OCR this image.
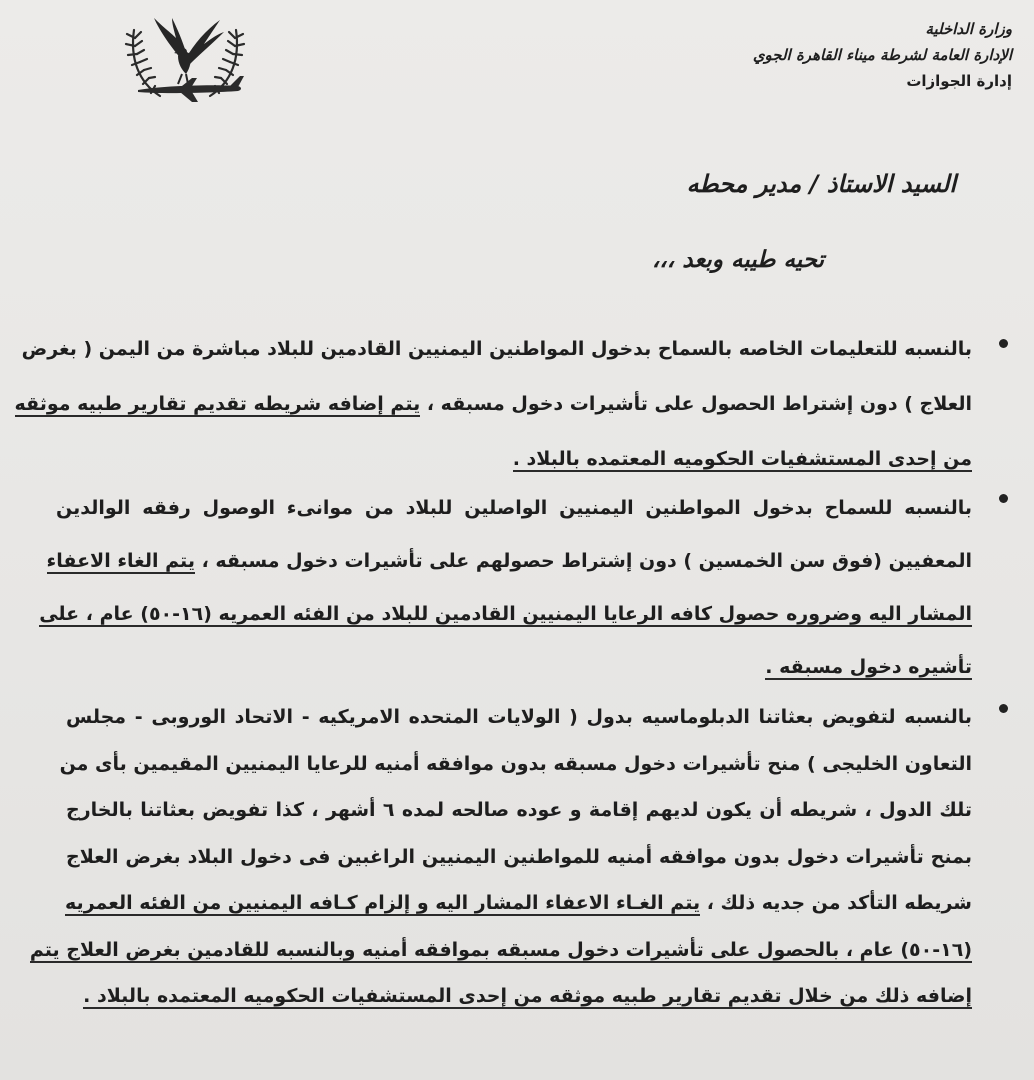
وزارة الداخلية
الإدارة العامة لشرطة ميناء القاهرة الجوي
إدارة الجوازات
السيد الاستاذ / مدير محطه
تحيه طيبه وبعد ،،،
بالنسبه للتعليمات الخاصه بالسماح بدخول المواطنين اليمنيين القادمين للبلاد مباشرة من اليمن ( بغرض
العلاج ) دون إشتراط الحصول على تأشيرات دخول مسبقه ، يتم إضافه شريطه تقديم تقارير طبيه موثقه
من إحدى المستشفيات الحكوميه المعتمده بالبلاد .
بالنسبه للسماح بدخول المواطنين اليمنيين الواصلين للبلاد من موانىء الوصول رفقه الوالدين
المعفيين (فوق سن الخمسين ) دون إشتراط حصولهم على تأشيرات دخول مسبقه ، يتم الغاء الاعفاء
المشار اليه وضروره حصول كافه الرعايا اليمنيين القادمين للبلاد من الفئه العمريه (١٦-٥٠) عام ، على
تأشيره دخول مسبقه .
بالنسبه لتفويض بعثاتنا الدبلوماسيه بدول ( الولايات المتحده الامريكيه - الاتحاد الوروبى - مجلس
التعاون الخليجى ) منح تأشيرات دخول مسبقه بدون موافقه أمنيه للرعايا اليمنيين المقيمين بأى من
تلك الدول ، شريطه أن يكون لديهم إقامة و عوده صالحه لمده ٦ أشهر ، كذا تفويض بعثاتنا بالخارج
بمنح تأشيرات دخول بدون موافقه أمنيه للمواطنين اليمنيين الراغبين فى دخول البلاد بغرض العلاج
شريطه التأكد من جديه ذلك ، يتم الغـاء الاعفاء المشار اليه و إلزام كـافه اليمنيين من الفئه العمريه
(١٦-٥٠) عام ، بالحصول على تأشيرات دخول مسبقه بموافقه أمنيه وبالنسبه للقادمين بغرض العلاج يتم
إضافه ذلك من خلال تقديم تقارير طبيه موثقه من إحدى المستشفيات الحكوميه المعتمده بالبلاد .
